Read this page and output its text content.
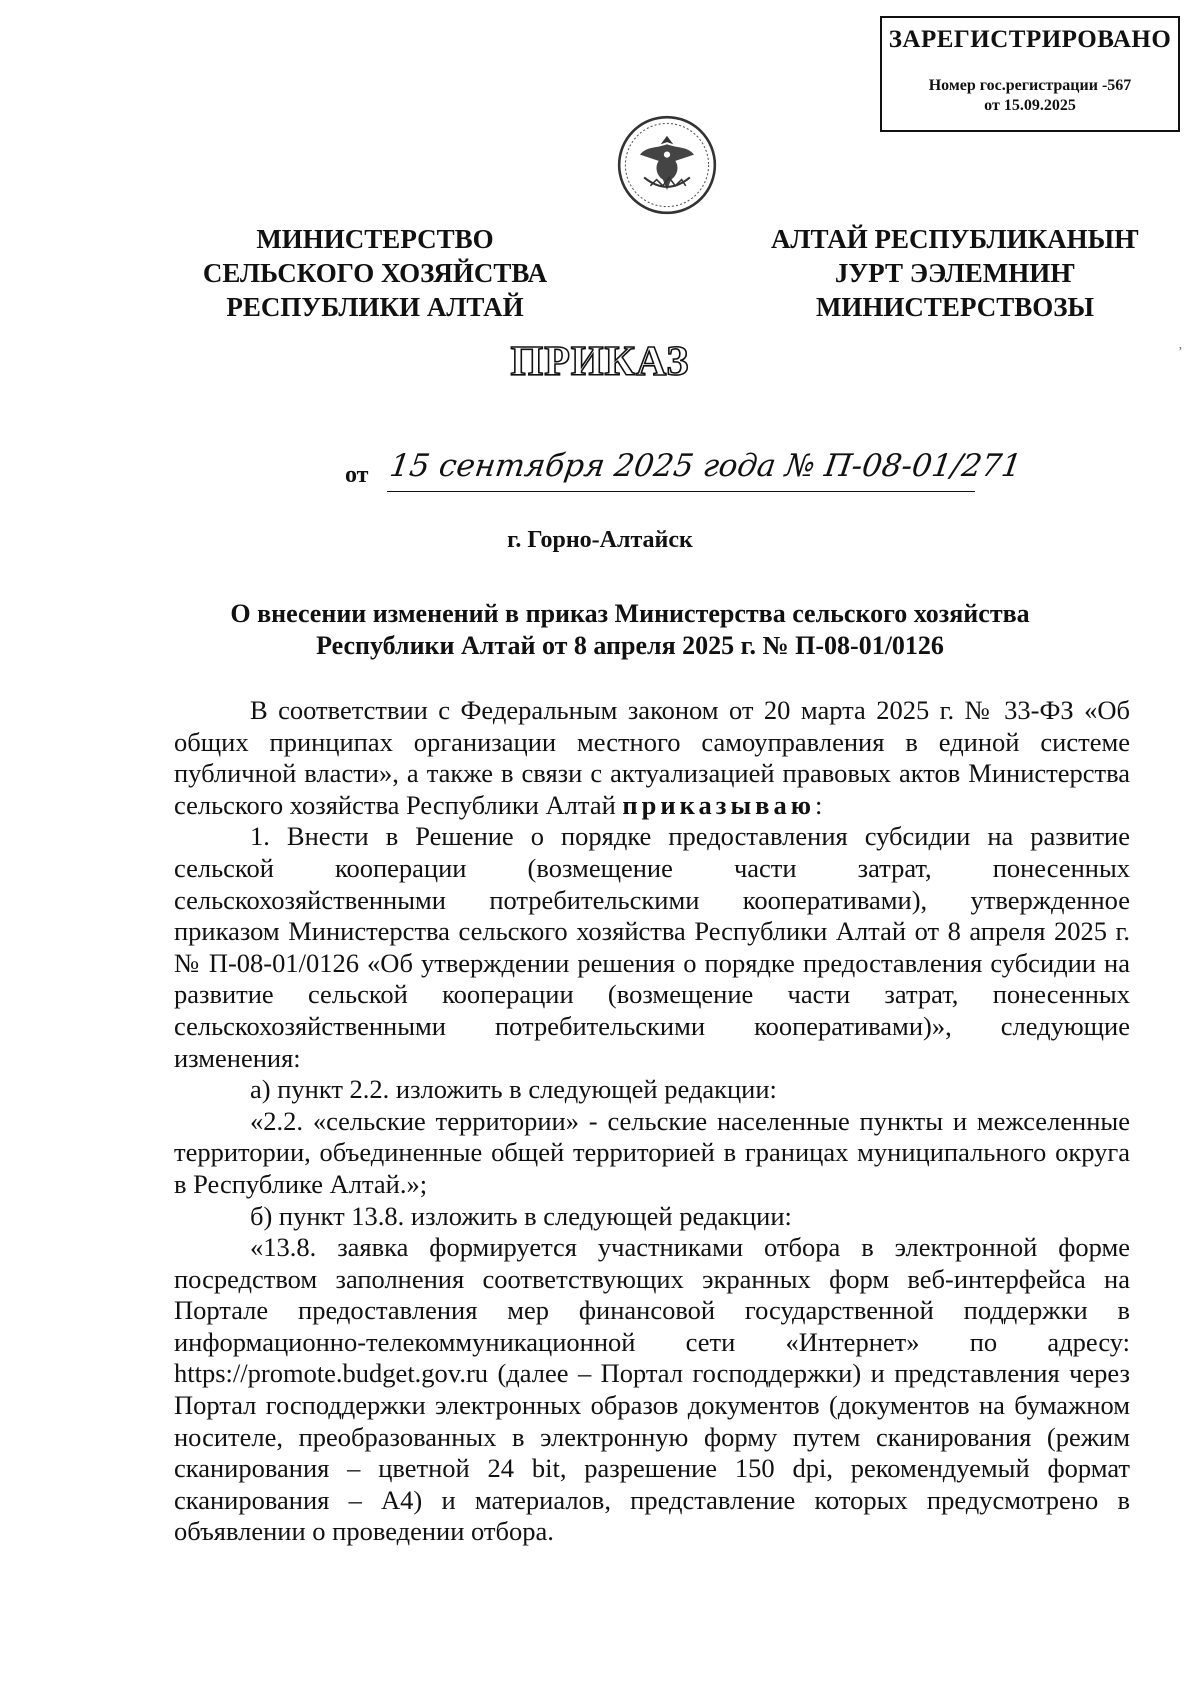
ЗАРЕГИСТРИРОВАНО
Номер гос.регистрации -567
от 15.09.2025
МИНИСТЕРСТВО
СЕЛЬСКОГО ХОЗЯЙСТВА
РЕСПУБЛИКИ АЛТАЙ
АЛТАЙ РЕСПУБЛИКАНЫҤ
ЈУРТ ЭЭЛЕМНИҤ
МИНИСТЕРСТВОЗЫ
ПРИКАЗ
от 15 сентября 2025 года № П-08-01/271
г. Горно-Алтайск
О внесении изменений в приказ Министерства сельского хозяйства
Республики Алтай от 8 апреля 2025 г. № П-08-01/0126

В соответствии с Федеральным законом от 20 марта 2025 г. № 33-ФЗ «Об общих принципах организации местного самоуправления в единой системе публичной власти», а также в связи с актуализацией правовых актов Министерства сельского хозяйства Республики Алтай приказываю:

1. Внести в Решение о порядке предоставления субсидии на развитие сельской кооперации (возмещение части затрат, понесенных сельскохозяйственными потребительскими кооперативами), утвержденное приказом Министерства сельского хозяйства Республики Алтай от 8 апреля 2025 г. № П-08-01/0126 «Об утверждении решения о порядке предоставления субсидии на развитие сельской кооперации (возмещение части затрат, понесенных сельскохозяйственными потребительскими кооперативами)», следующие изменения:

а) пункт 2.2. изложить в следующей редакции:

«2.2. «сельские территории» - сельские населенные пункты и межселенные территории, объединенные общей территорией в границах муниципального округа в Республике Алтай.»;

б) пункт 13.8. изложить в следующей редакции:

«13.8. заявка формируется участниками отбора в электронной форме посредством заполнения соответствующих экранных форм веб-интерфейса на Портале предоставления мер финансовой государственной поддержки в информационно-телекоммуникационной сети «Интернет» по адресу: https://promote.budget.gov.ru (далее – Портал господдержки) и представления через Портал господдержки электронных образов документов (документов на бумажном носителе, преобразованных в электронную форму путем сканирования (режим сканирования – цветной 24 bit, разрешение 150 dpi, рекомендуемый формат сканирования – А4) и материалов, представление которых предусмотрено в объявлении о проведении отбора.

ʼ
